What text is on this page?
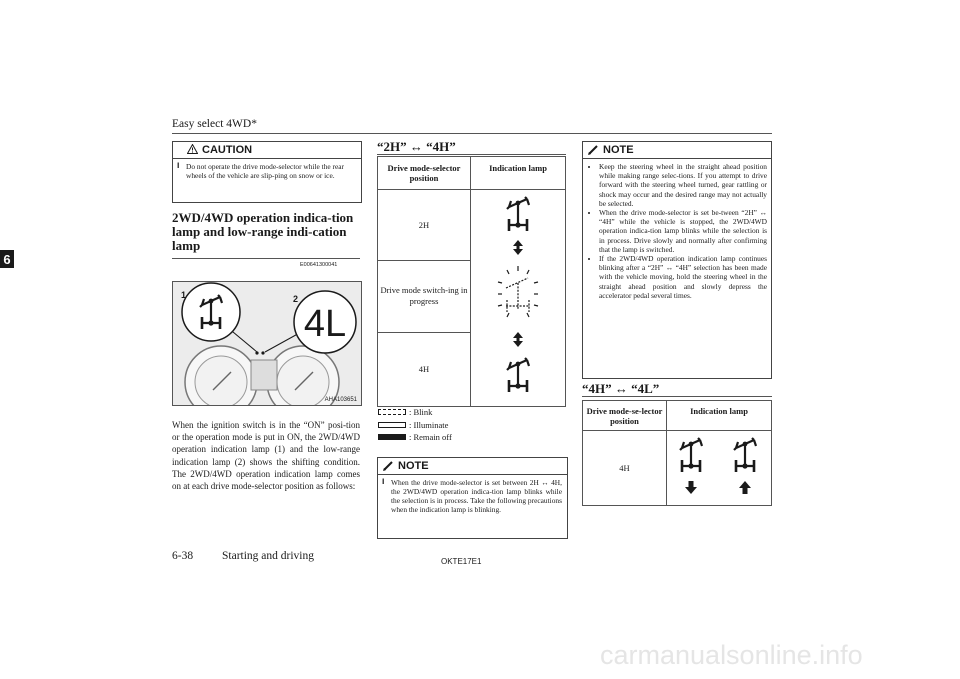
Easy select 4WD*
6
CAUTION
l Do not operate the drive mode-selector while the rear wheels of the vehicle are slip-ping on snow or ice.
2WD/4WD operation indica-tion lamp and low-range indi-cation lamp
E00641300041
4L
1	2
AHA103651
When the ignition switch is in the “ON” posi-tion or the operation mode is put in ON, the 2WD/4WD operation indication lamp (1) and the low-range indication lamp (2) shows the shifting condition. The 2WD/4WD operation indication lamp comes on at each drive mode-selector position as follows:
“2H” ↔ “4H”
Drive mode-selector position	Indication lamp
2H	
Drive mode switch-ing in progress	
4H	
: Blink
: Illuminate
: Remain off
NOTE
l When the drive mode-selector is set between 2H ↔ 4H, the 2WD/4WD operation indica-tion lamp blinks while the selection is in process. Take the following precautions when the indication lamp is blinking.
NOTE
• Keep the steering wheel in the straight ahead position while making range selec-tions. If you attempt to drive forward with the steering wheel turned, gear rattling or shock may occur and the desired range may not actually be selected.
• When the drive mode-selector is set be-tween “2H” ↔ “4H” while the vehicle is stopped, the 2WD/4WD operation indica-tion lamp blinks while the selection is in process. Drive slowly and normally after confirming that the lamp is switched.
• If the 2WD/4WD operation indication lamp continues blinking after a “2H” ↔ “4H” selection has been made with the vehicle moving, hold the steering wheel in the straight ahead position and slowly depress the accelerator pedal several times.
“4H” ↔ “4L”
Drive mode-se-lector position	Indication lamp
4H	
6-38	Starting and driving	OKTE17E1
carmanualsonline.info
